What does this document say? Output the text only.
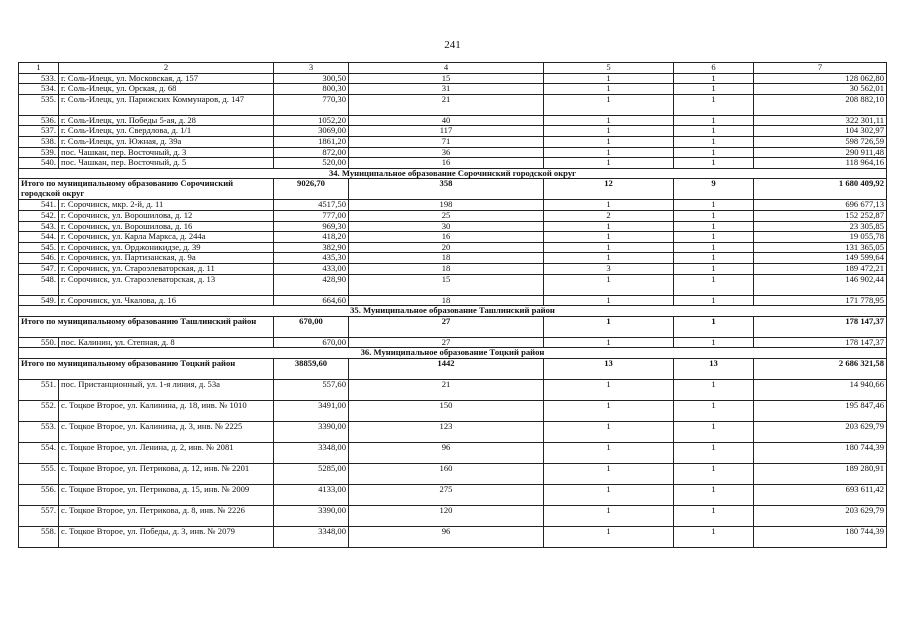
241
1	2	3	4	5	6	7
533.	г. Соль-Илецк, ул. Московская, д. 157	300,50	15	1	1	128 062,80
534.	г. Соль-Илецк, ул. Орская, д. 68	800,30	31	1	1	30 562,01
535.	г. Соль-Илецк, ул. Парижских Коммунаров, д. 147	770,30	21	1	1	208 882,10
536.	г. Соль-Илецк, ул. Победы 5-ая, д. 28	1052,20	40	1	1	322 301,11
537.	г. Соль-Илецк, ул. Свердлова, д. 1/1	3069,00	117	1	1	104 302,97
538.	г. Соль-Илецк, ул. Южная, д. 39а	1861,20	71	1	1	598 726,59
539.	пос. Чашкан, пер. Восточный, д. 3	872,00	36	1	1	290 911,48
540.	пос. Чашкан, пер. Восточный, д. 5	520,00	16	1	1	118 964,16
34. Муниципальное образование Сорочинский городской округ						
Итого по муниципальному образованию Сорочинский городской округ		9026,70	358	12	9	1 680 409,92
541.	г. Сорочинск, мкр. 2-й, д. 11	4517,50	198	1	1	696 677,13
542.	г. Сорочинск, ул. Ворошилова, д. 12	777,00	25	2	1	152 252,87
543.	г. Сорочинск, ул. Ворошилова, д. 16	969,30	30	1	1	23 305,85
544.	г. Сорочинск, ул. Карла Маркса, д. 244а	418,20	16	1	1	19 055,78
545.	г. Сорочинск, ул. Орджоникидзе, д. 39	382,90	20	1	1	131 365,05
546.	г. Сорочинск, ул. Партизанская, д. 9а	435,30	18	1	1	149 599,64
547.	г. Сорочинск, ул. Староэлеваторская, д. 11	433,00	18	3	1	189 472,21
548.	г. Сорочинск, ул. Староэлеваторская, д. 13	428,90	15	1	1	146 902,44
549.	г. Сорочинск, ул. Чкалова, д. 16	664,60	18	1	1	171 778,95
35. Муниципальное образование Ташлинский район						
Итого по муниципальному образованию Ташлинский район		670,00	27	1	1	178 147,37
550.	пос. Калинин, ул. Степная, д. 8	670,00	27	1	1	178 147,37
36. Муниципальное образование Тоцкий район						
Итого по муниципальному образованию Тоцкий район		38859,60	1442	13	13	2 686 321,58
551.	пос. Пристанционный, ул. 1-я линия, д. 53а	557,60	21	1	1	14 940,66
552.	с. Тоцкое Второе, ул. Калинина, д. 18, инв. № 1010	3491,00	150	1	1	195 847,46
553.	с. Тоцкое Второе, ул. Калинина, д. 3, инв. № 2225	3390,00	123	1	1	203 629,79
554.	с. Тоцкое Второе, ул. Ленина, д. 2, инв. № 2081	3348,00	96	1	1	180 744,39
555.	с. Тоцкое Второе, ул. Петрикова, д. 12, инв. № 2201	5285,00	160	1	1	189 280,91
556.	с. Тоцкое Второе, ул. Петрикова, д. 15, инв. № 2009	4133,00	275	1	1	693 611,42
557.	с. Тоцкое Второе, ул. Петрикова, д. 8, инв. № 2226	3390,00	120	1	1	203 629,79
558.	с. Тоцкое Второе, ул. Победы, д. 3, инв. № 2079	3348,00	96	1	1	180 744,39
